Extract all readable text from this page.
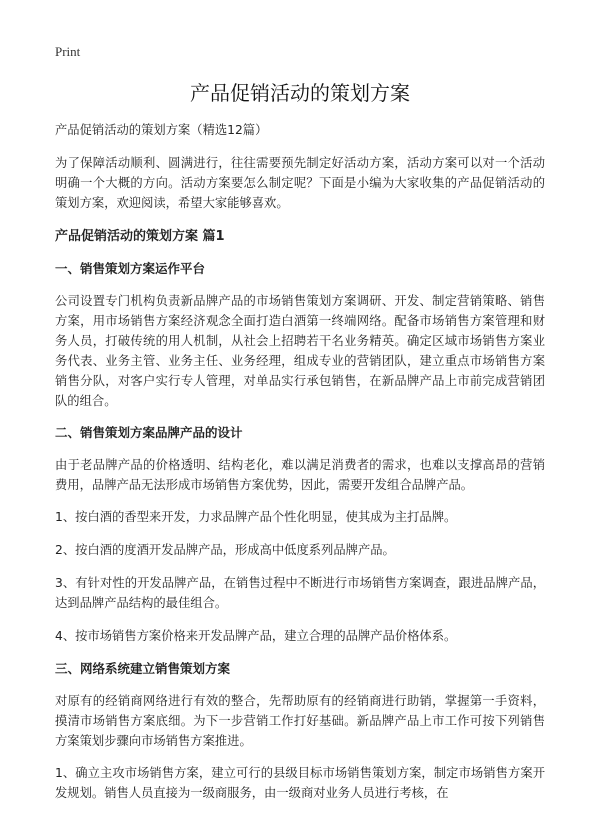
Print
产品促销活动的策划方案

产品促销活动的策划方案（精选12篇）

为了保障活动顺利、圆满进行，往往需要预先制定好活动方案，活动方案可以对一个活动明确一个大概的方向。活动方案要怎么制定呢？下面是小编为大家收集的产品促销活动的策划方案，欢迎阅读，希望大家能够喜欢。

产品促销活动的策划方案 篇1
一、销售策划方案运作平台

公司设置专门机构负责新品牌产品的市场销售策划方案调研、开发、制定营销策略、销售方案，用市场销售方案经济观念全面打造白酒第一终端网络。配备市场销售方案管理和财务人员，打破传统的用人机制，从社会上招聘若干名业务精英。确定区域市场销售方案业务代表、业务主管、业务主任、业务经理，组成专业的营销团队，建立重点市场销售方案销售分队，对客户实行专人管理，对单品实行承包销售，在新品牌产品上市前完成营销团队的组合。

二、销售策划方案品牌产品的设计

由于老品牌产品的价格透明、结构老化，难以满足消费者的需求，也难以支撑高昂的营销费用，品牌产品无法形成市场销售方案优势，因此，需要开发组合品牌产品。

1、按白酒的香型来开发，力求品牌产品个性化明显，使其成为主打品牌。

2、按白酒的度酒开发品牌产品，形成高中低度系列品牌产品。

3、有针对性的开发品牌产品，在销售过程中不断进行市场销售方案调查，跟进品牌产品，达到品牌产品结构的最佳组合。

4、按市场销售方案价格来开发品牌产品，建立合理的品牌产品价格体系。

三、网络系统建立销售策划方案

对原有的经销商网络进行有效的整合，先帮助原有的经销商进行助销，掌握第一手资料，摸清市场销售方案底细。为下一步营销工作打好基础。新品牌产品上市工作可按下列销售方案策划步骤向市场销售方案推进。

1、确立主攻市场销售方案，建立可行的县级目标市场销售策划方案，制定市场销售方案开发规划。销售人员直接为一级商服务，由一级商对业务人员进行考核，在
